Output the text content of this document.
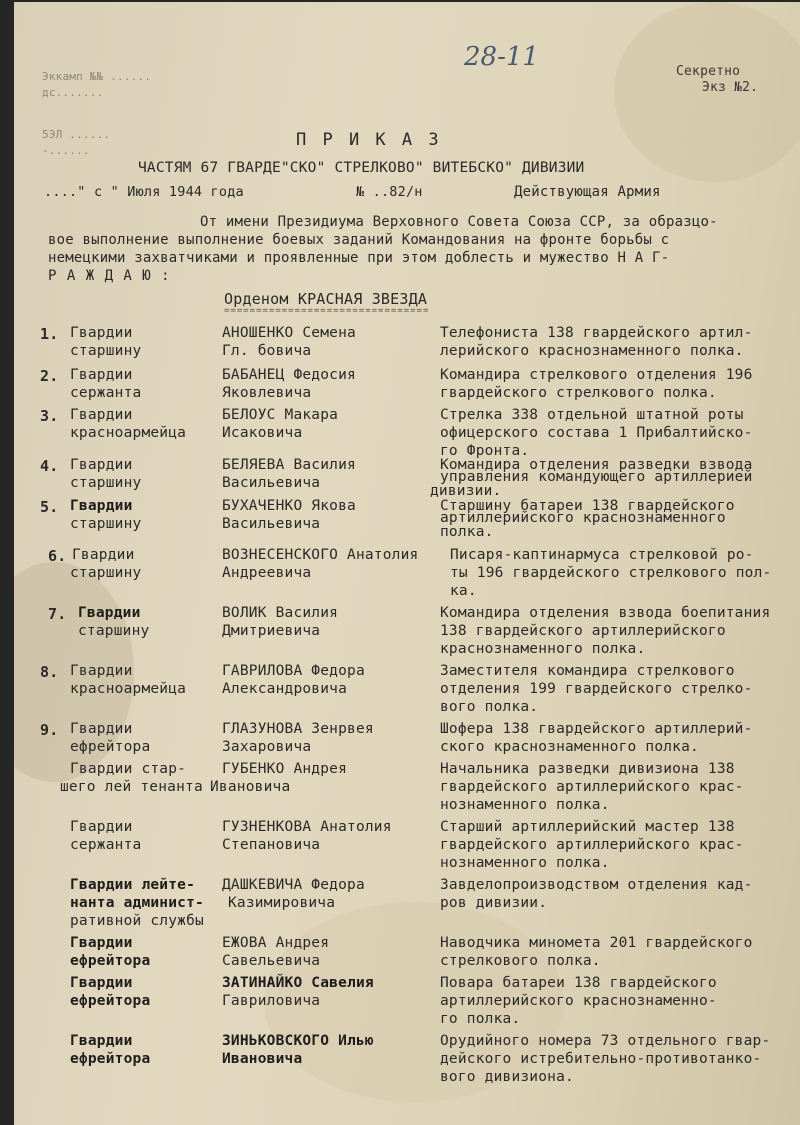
Секретно
Экз №2.
28-11
Эккамп №№ ......
дс.......
5ЭЛ ......
-......
П Р И К А З
ЧАСТЯМ 67 ГВАРДЕ"СКО" СТРЕЛКОВО" ВИТЕБСКО" ДИВИЗИИ
...." с " Июля 1944 года	№ ..82/н	Действующая Армия
От имени Президиума Верховного Совета Союза ССР, за образцо-
вое выполнение выполнение боевых заданий Командования на фронте борьбы с
немецкими захватчиками и проявленные при этом доблесть и мужество Н А Г-
Р А Ж Д А Ю :
Орденом КРАСНАЯ ЗВЕЗДА
================================
1. Гвардии
старшину
АНОШЕНКО Семена
Гл. бовича
Телефониста 138 гвардейского артил-
лерийского краснознаменного полка.
2. Гвардии
сержанта
БАБАНЕЦ Федосия
Яковлевича
Командира стрелкового отделения 196
гвардейского стрелкового полка.
3. Гвардии
красноармейца
БЕЛОУС Макара
Исаковича
Стрелка 338 отдельной штатной роты
офицерского состава 1 Прибалтийско-
го Фронта.
4. Гвардии
старшину
БЕЛЯЕВА Василия
Васильевича
Командира отделения разведки взвода
управления командующего артиллерией
дивизии.
5. Гвардии
старшину
БУХАЧЕНКО Якова
Васильевича
Старшину батареи 138 гвардейского
артиллерийского краснознаменного
полка.
6. Гвардии
старшину
ВОЗНЕСЕНСКОГО Анатолия
Андреевича
Писаря-каптинармуса стрелковой ро-
ты 196 гвардейского стрелкового пол-
ка.
7. Гвардии
старшину
ВОЛИК Василия
Дмитриевича
Командира отделения взвода боепитания
138 гвардейского артиллерийского
краснознаменного полка.
8. Гвардии
красноармейца
ГАВРИЛОВА Федора
Александровича
Заместителя командира стрелкового
отделения 199 гвардейского стрелко-
вого полка.
9. Гвардии
ефрейтора
ГЛАЗУНОВА Зенрвея
Захаровича
Шофера 138 гвардейского артиллерий-
ского краснознаменного полка.
Гвардии стар-
шего лей тенанта
ГУБЕНКО Андрея
Ивановича
Начальника разведки дивизиона 138
гвардейского артиллерийского крас-
нознаменного полка.
Гвардии
сержанта
ГУЗНЕНКОВА Анатолия
Степановича
Старший артиллерийский мастер 138
гвардейского артиллерийского крас-
нознаменного полка.
Гвардии лейте-
нанта админист-
ративной службы
ДАШКЕВИЧА Федора
Казимировича
Завделопроизводством отделения кад-
ров дивизии.
Гвардии
ефрейтора
ЕЖОВА Андрея
Савельевича
Наводчика миномета 201 гвардейского
стрелкового полка.
Гвардии
ефрейтора
ЗАТИНАЙКО Савелия
Гавриловича
Повара батареи 138 гвардейского
артиллерийского краснознаменно-
го полка.
Гвардии
ефрейтора
ЗИНЬКОВСКОГО Илью
Ивановича
Орудийного номера 73 отдельного гвар-
дейского истребительно-противотанко-
вого дивизиона.
